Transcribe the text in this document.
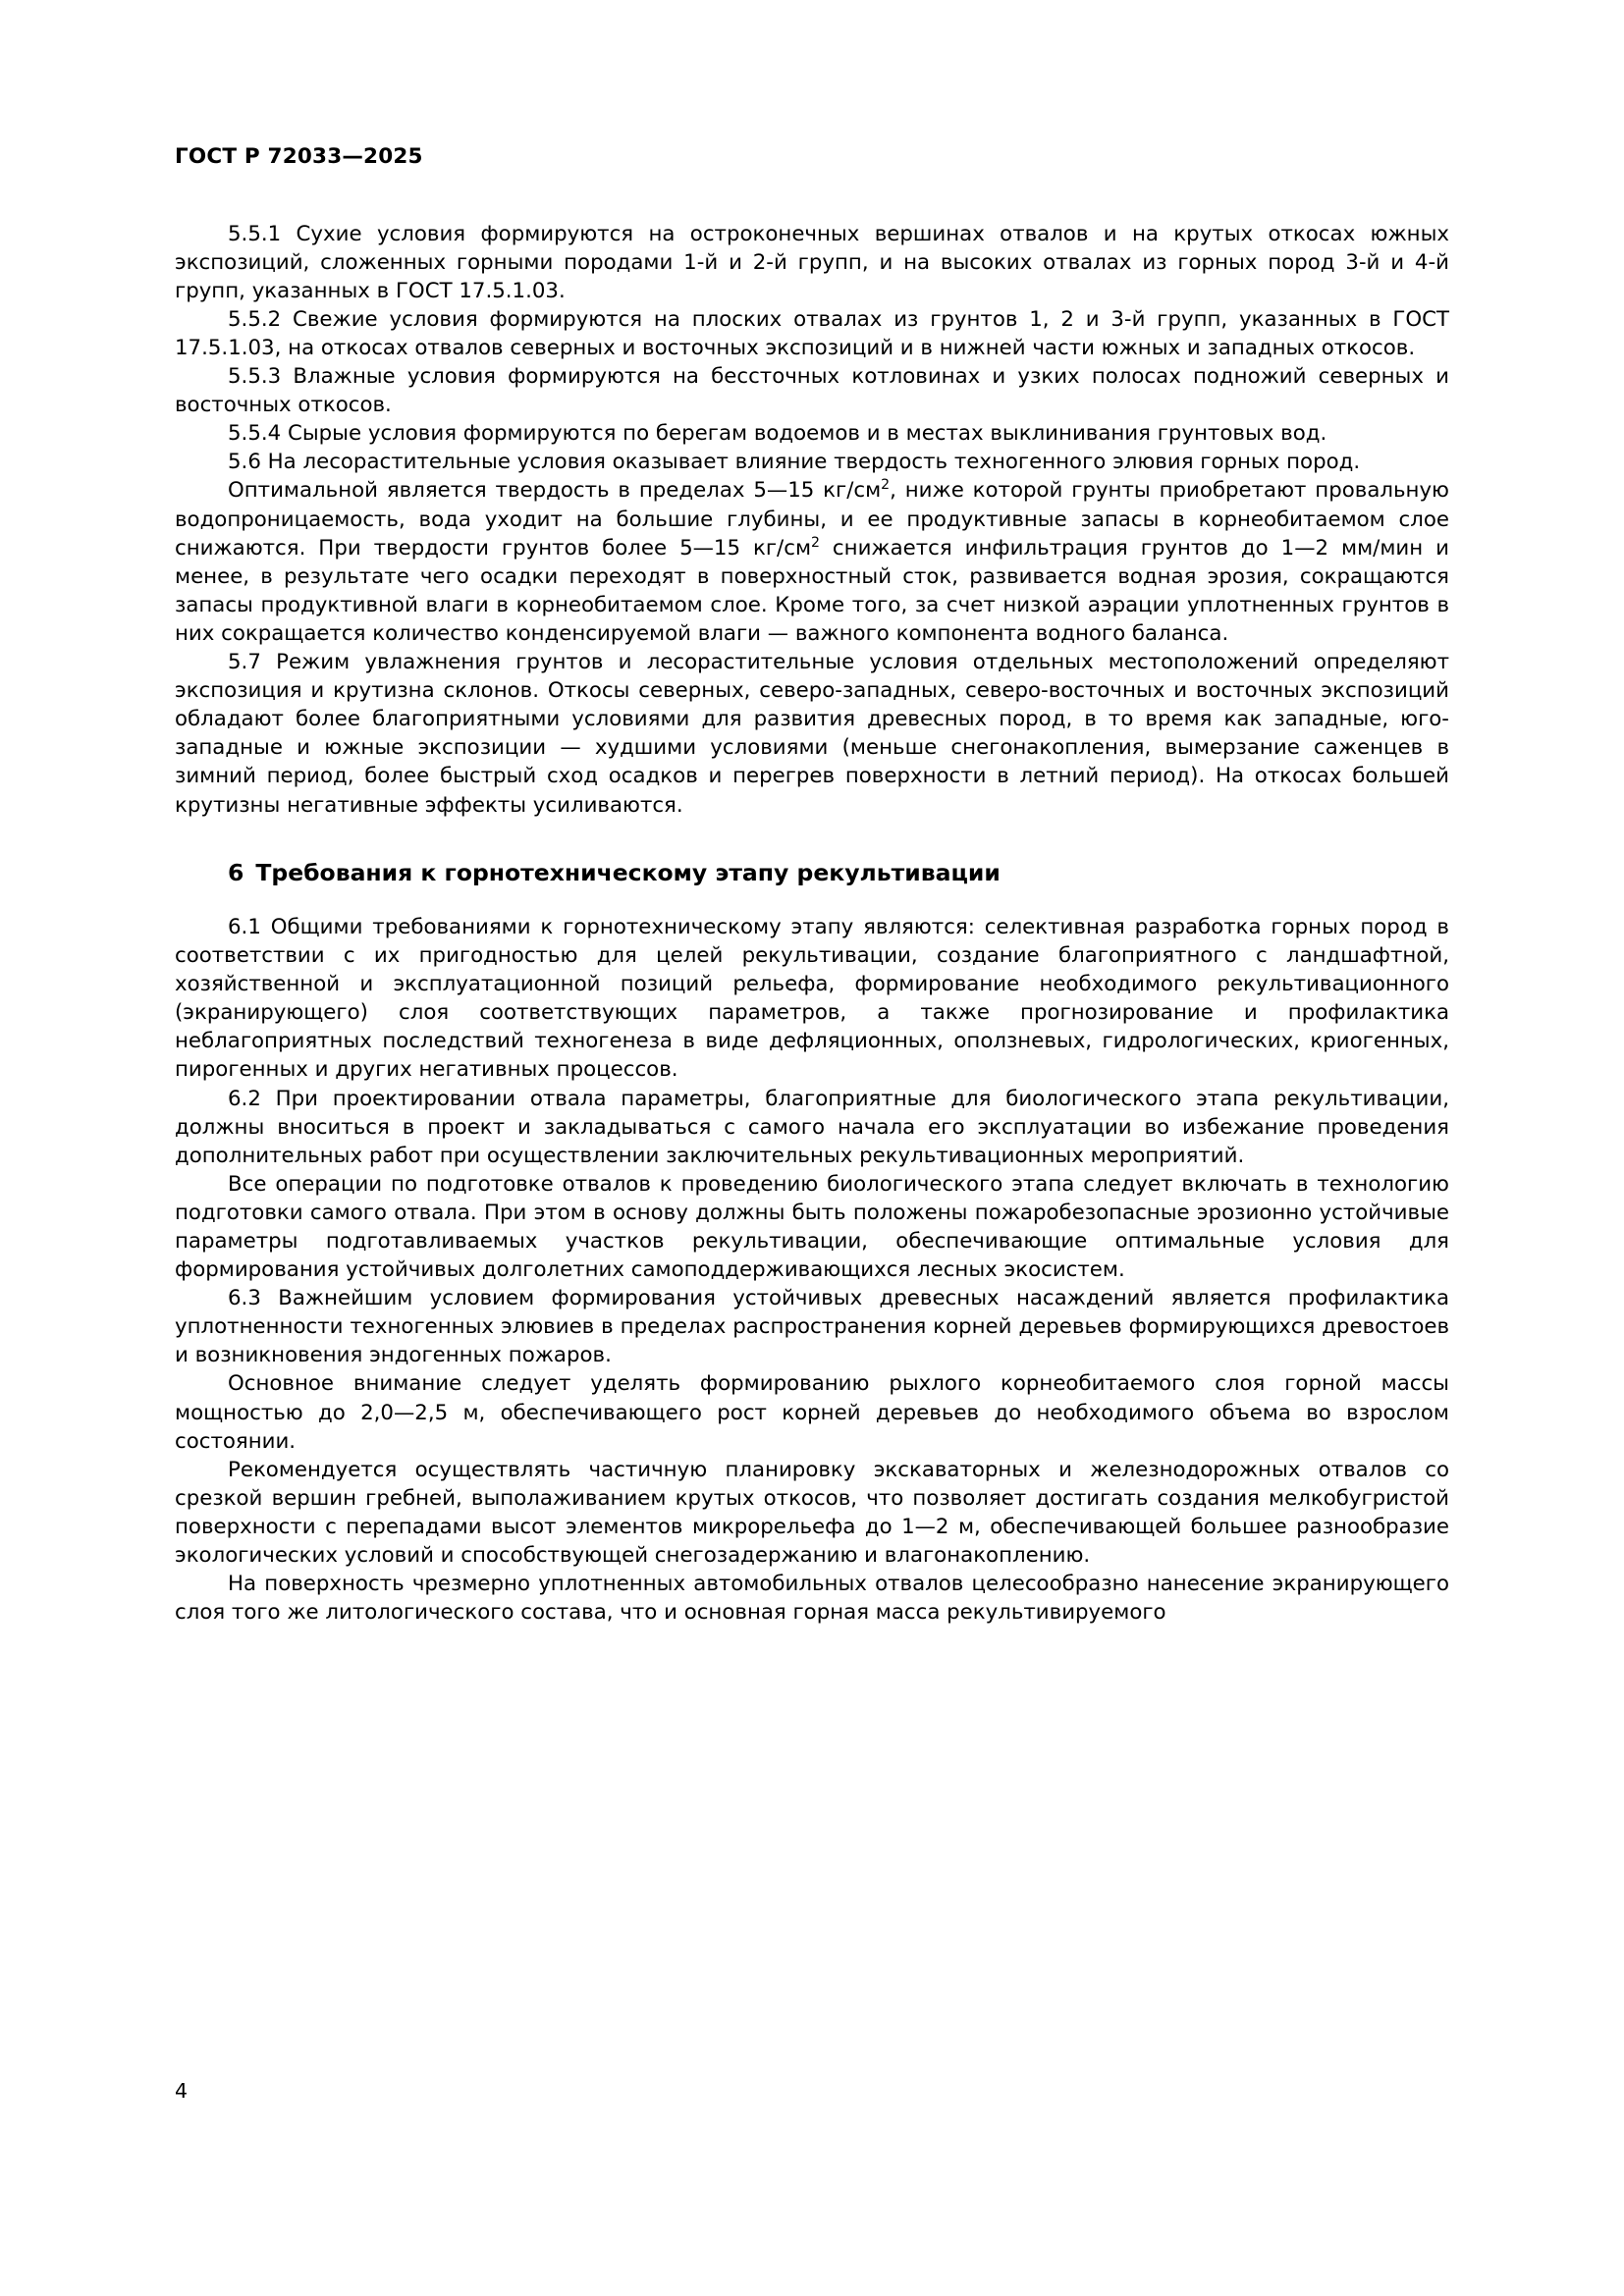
ГОСТ Р 72033—2025

5.5.1 Сухие условия формируются на остроконечных вершинах отвалов и на крутых откосах южных экспозиций, сложенных горными породами 1-й и 2-й групп, и на высоких отвалах из горных пород 3-й и 4-й групп, указанных в ГОСТ 17.5.1.03.

5.5.2 Свежие условия формируются на плоских отвалах из грунтов 1, 2 и 3-й групп, указанных в ГОСТ 17.5.1.03, на откосах отвалов северных и восточных экспозиций и в нижней части южных и западных откосов.

5.5.3 Влажные условия формируются на бессточных котловинах и узких полосах подножий северных и восточных откосов.

5.5.4 Сырые условия формируются по берегам водоемов и в местах выклинивания грунтовых вод.

5.6 На лесорастительные условия оказывает влияние твердость техногенного элювия горных пород.

Оптимальной является твердость в пределах 5—15 $кг/см^2$, ниже которой грунты приобретают провальную водопроницаемость, вода уходит на большие глубины, и ее продуктивные запасы в корнеобитаемом слое снижаются. При твердости грунтов более 5—15 $кг/см^2$ снижается инфильтрация грунтов до 1—2 мм/мин и менее, в результате чего осадки переходят в поверхностный сток, развивается водная эрозия, сокращаются запасы продуктивной влаги в корнеобитаемом слое. Кроме того, за счет низкой аэрации уплотненных грунтов в них сокращается количество конденсируемой влаги — важного компонента водного баланса.

5.7 Режим увлажнения грунтов и лесорастительные условия отдельных местоположений определяют экспозиция и крутизна склонов. Откосы северных, северо-западных, северо-восточных и восточных экспозиций обладают более благоприятными условиями для развития древесных пород, в то время как западные, юго-западные и южные экспозиции — худшими условиями (меньше снегонакопления, вымерзание саженцев в зимний период, более быстрый сход осадков и перегрев поверхности в летний период). На откосах большей крутизны негативные эффекты усиливаются.

6 Требования к горнотехническому этапу рекультивации

6.1 Общими требованиями к горнотехническому этапу являются: селективная разработка горных пород в соответствии с их пригодностью для целей рекультивации, создание благоприятного с ландшафтной, хозяйственной и эксплуатационной позиций рельефа, формирование необходимого рекультивационного (экранирующего) слоя соответствующих параметров, а также прогнозирование и профилактика неблагоприятных последствий техногенеза в виде дефляционных, оползневых, гидрологических, криогенных, пирогенных и других негативных процессов.

6.2 При проектировании отвала параметры, благоприятные для биологического этапа рекультивации, должны вноситься в проект и закладываться с самого начала его эксплуатации во избежание проведения дополнительных работ при осуществлении заключительных рекультивационных мероприятий.

Все операции по подготовке отвалов к проведению биологического этапа следует включать в технологию подготовки самого отвала. При этом в основу должны быть положены пожаробезопасные эрозионно устойчивые параметры подготавливаемых участков рекультивации, обеспечивающие оптимальные условия для формирования устойчивых долголетних самоподдерживающихся лесных экосистем.

6.3 Важнейшим условием формирования устойчивых древесных насаждений является профилактика уплотненности техногенных элювиев в пределах распространения корней деревьев формирующихся древостоев и возникновения эндогенных пожаров.

Основное внимание следует уделять формированию рыхлого корнеобитаемого слоя горной массы мощностью до 2,0—2,5 м, обеспечивающего рост корней деревьев до необходимого объема во взрослом состоянии.

Рекомендуется осуществлять частичную планировку экскаваторных и железнодорожных отвалов со срезкой вершин гребней, выполаживанием крутых откосов, что позволяет достигать создания мелкобугристой поверхности с перепадами высот элементов микрорельефа до 1—2 м, обеспечивающей большее разнообразие экологических условий и способствующей снегозадержанию и влагонакоплению.

На поверхность чрезмерно уплотненных автомобильных отвалов целесообразно нанесение экранирующего слоя того же литологического состава, что и основная горная масса рекультивируемого

4
